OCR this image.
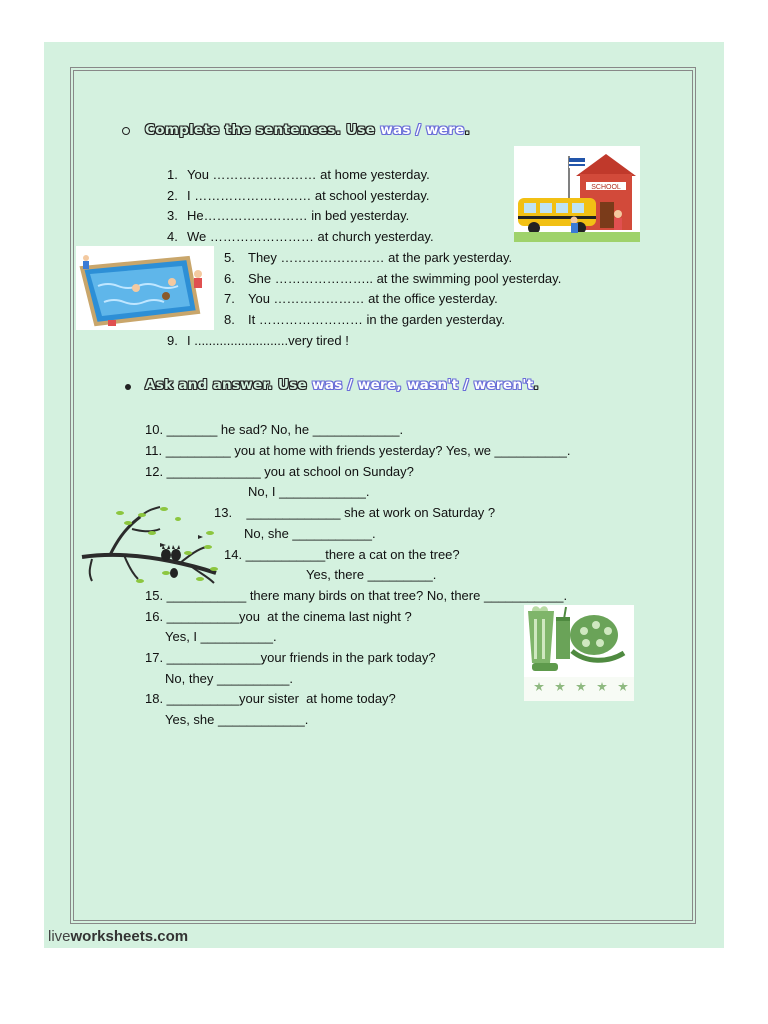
Complete the sentences. Use was / were.
1. You …………………… at home yesterday.
2. I ……………………… at school yesterday.
3. He…………………… in bed yesterday.
4. We …………………… at church yesterday.
5. They …………………… at the park yesterday.
6. She ………………….. at the swimming pool yesterday.
7. You ………………… at the office yesterday.
8. It …………………… in the garden yesterday.
9. I ..........................very tired !
SCHOOL
Ask and answer. Use was / were, wasn't / weren't.
10. _______ he sad? No, he ____________.
11. _________ you at home with friends yesterday? Yes, we __________.
12. _____________ you at school on Sunday?
No, I ____________.
13.    _____________ she at work on Saturday ?
No, she ___________.
14. ___________there a cat on the tree?
Yes, there _________.
15. ___________ there many birds on that tree? No, there ___________.
16. __________you  at the cinema last night ?
Yes, I __________.
17. _____________your friends in the park today?
No, they __________.
18. __________your sister  at home today?
Yes, she ____________.
liveworksheets.com
